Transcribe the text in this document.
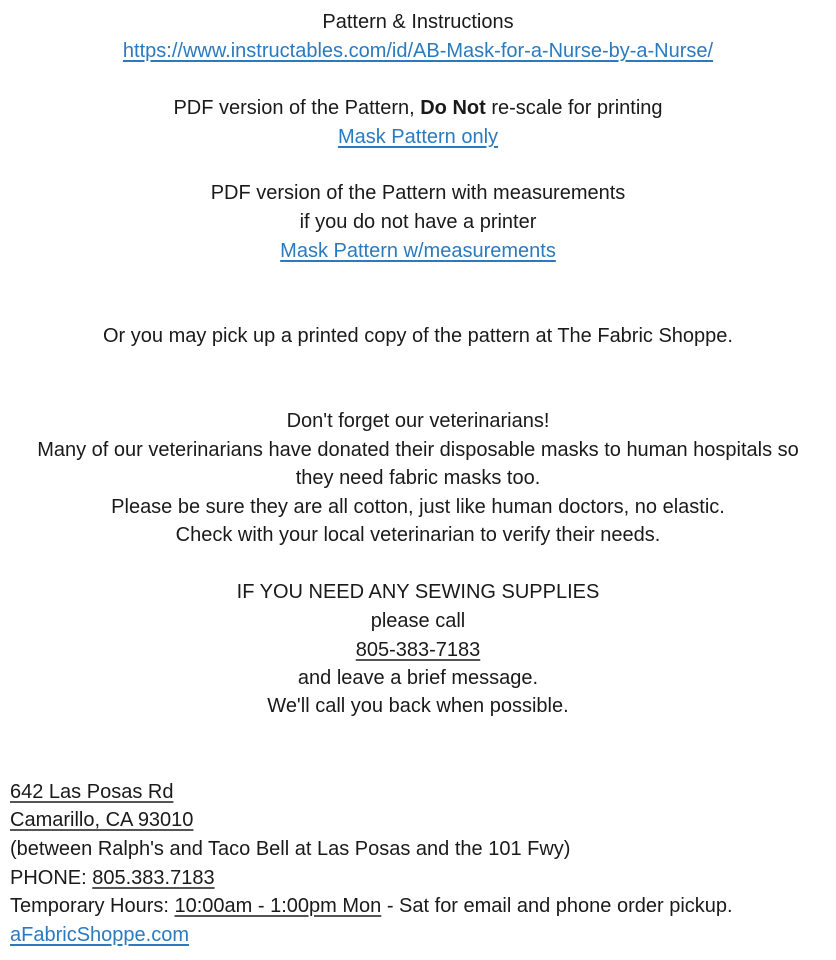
Pattern & Instructions
https://www.instructables.com/id/AB-Mask-for-a-Nurse-by-a-Nurse/
PDF version of the Pattern, Do Not re-scale for printing
Mask Pattern only
PDF version of the Pattern with measurements
if you do not have a printer
Mask Pattern w/measurements
Or you may pick up a printed copy of the pattern at The Fabric Shoppe.
Don't forget our veterinarians!
Many of our veterinarians have donated their disposable masks to human hospitals so
they need fabric masks too.
Please be sure they are all cotton, just like human doctors, no elastic.
Check with your local veterinarian to verify their needs.
IF YOU NEED ANY SEWING SUPPLIES
please call
805-383-7183
and leave a brief message.
We'll call you back when possible.
642 Las Posas Rd
Camarillo, CA 93010
(between Ralph's and Taco Bell at Las Posas and the 101 Fwy)
PHONE: 805.383.7183
Temporary Hours: 10:00am - 1:00pm Mon - Sat for email and phone order pickup.
aFabricShoppe.com
